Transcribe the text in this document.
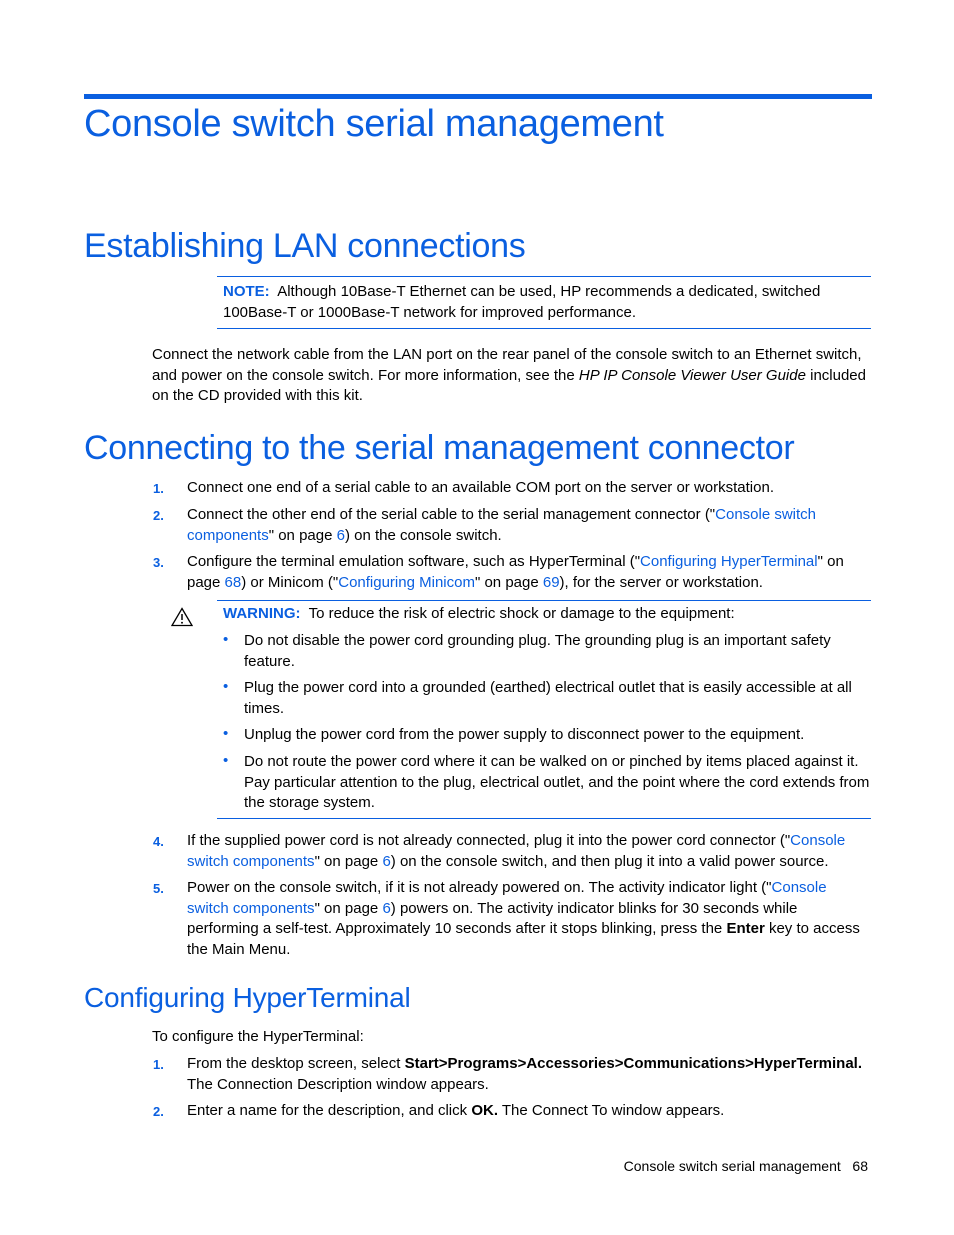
Console switch serial management
Establishing LAN connections
NOTE: Although 10Base-T Ethernet can be used, HP recommends a dedicated, switched 100Base-T or 1000Base-T network for improved performance.
Connect the network cable from the LAN port on the rear panel of the console switch to an Ethernet switch, and power on the console switch. For more information, see the HP IP Console Viewer User Guide included on the CD provided with this kit.
Connecting to the serial management connector
1.	Connect one end of a serial cable to an available COM port on the server or workstation.
2.	Connect the other end of the serial cable to the serial management connector ("Console switch components" on page 6) on the console switch.
3.	Configure the terminal emulation software, such as HyperTerminal ("Configuring HyperTerminal" on page 68) or Minicom ("Configuring Minicom" on page 69), for the server or workstation.
WARNING: To reduce the risk of electric shock or damage to the equipment:
• Do not disable the power cord grounding plug. The grounding plug is an important safety feature.
• Plug the power cord into a grounded (earthed) electrical outlet that is easily accessible at all times.
• Unplug the power cord from the power supply to disconnect power to the equipment.
• Do not route the power cord where it can be walked on or pinched by items placed against it. Pay particular attention to the plug, electrical outlet, and the point where the cord extends from the storage system.
4.	If the supplied power cord is not already connected, plug it into the power cord connector ("Console switch components" on page 6) on the console switch, and then plug it into a valid power source.
5.	Power on the console switch, if it is not already powered on. The activity indicator light ("Console switch components" on page 6) powers on. The activity indicator blinks for 30 seconds while performing a self-test. Approximately 10 seconds after it stops blinking, press the Enter key to access the Main Menu.
Configuring HyperTerminal
To configure the HyperTerminal:
1.	From the desktop screen, select Start>Programs>Accessories>Communications>HyperTerminal. The Connection Description window appears.
2.	Enter a name for the description, and click OK. The Connect To window appears.
Console switch serial management 68
